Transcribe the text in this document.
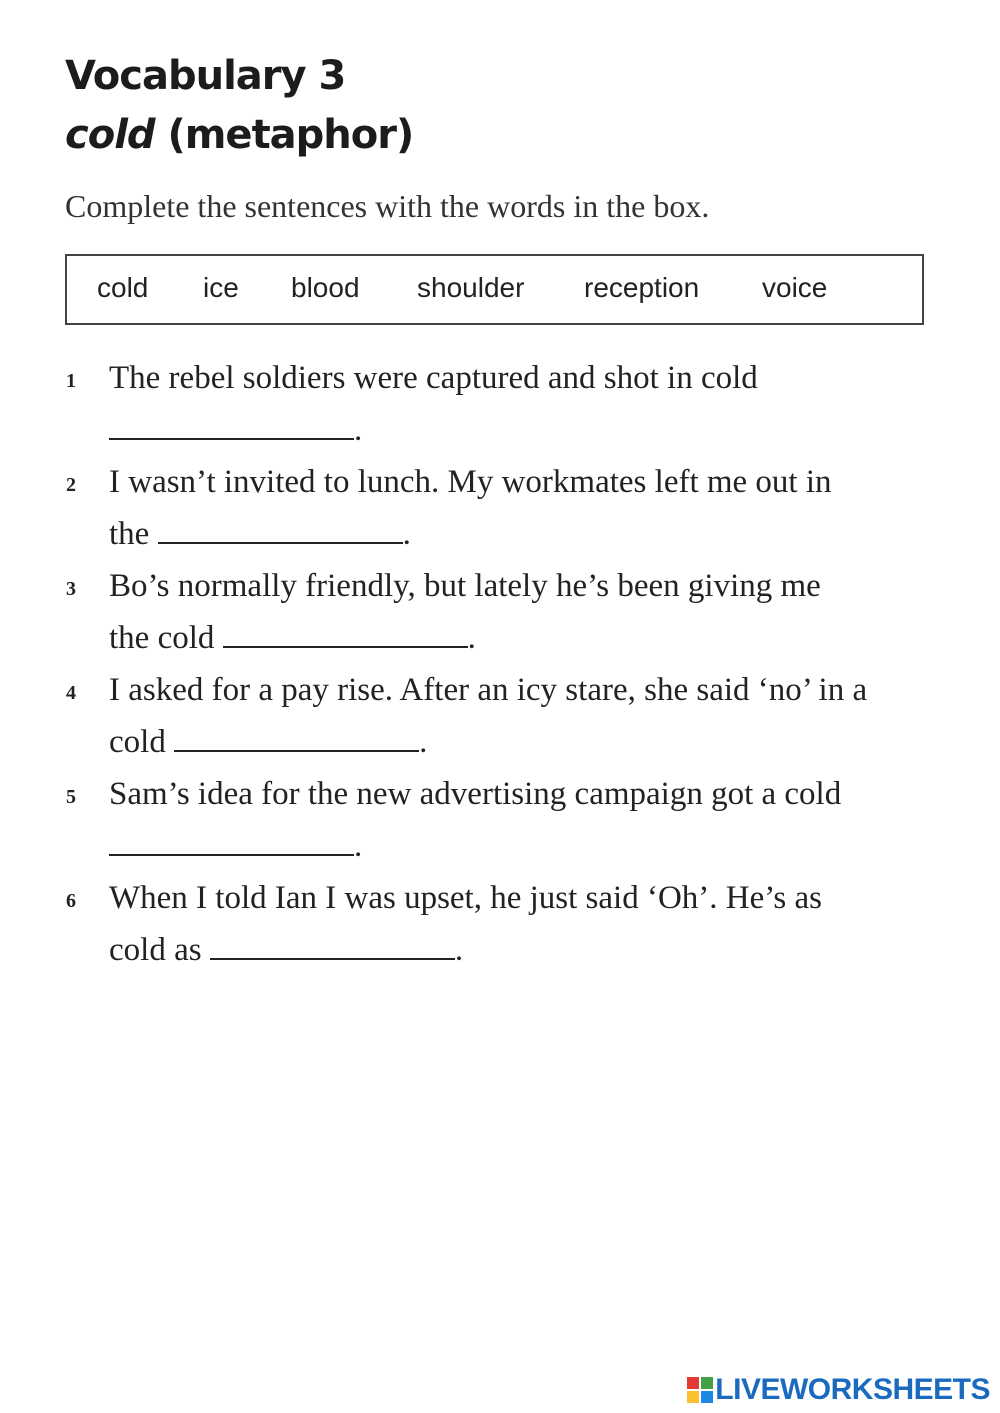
Vocabulary 3
cold (metaphor)
Complete the sentences with the words in the box.
cold ice blood shoulder reception voice
1 The rebel soldiers were captured and shot in cold
.
2 I wasn’t invited to lunch. My workmates left me out in
the	.
3 Bo’s normally friendly, but lately he’s been giving me
the cold	.
4 I asked for a pay rise. After an icy stare, she said ‘no’ in a
cold	.
5 Sam’s idea for the new advertising campaign got a cold
.
6 When I told Ian I was upset, he just said ‘Oh’. He’s as
cold as	.
LIVEWORKSHEETS
